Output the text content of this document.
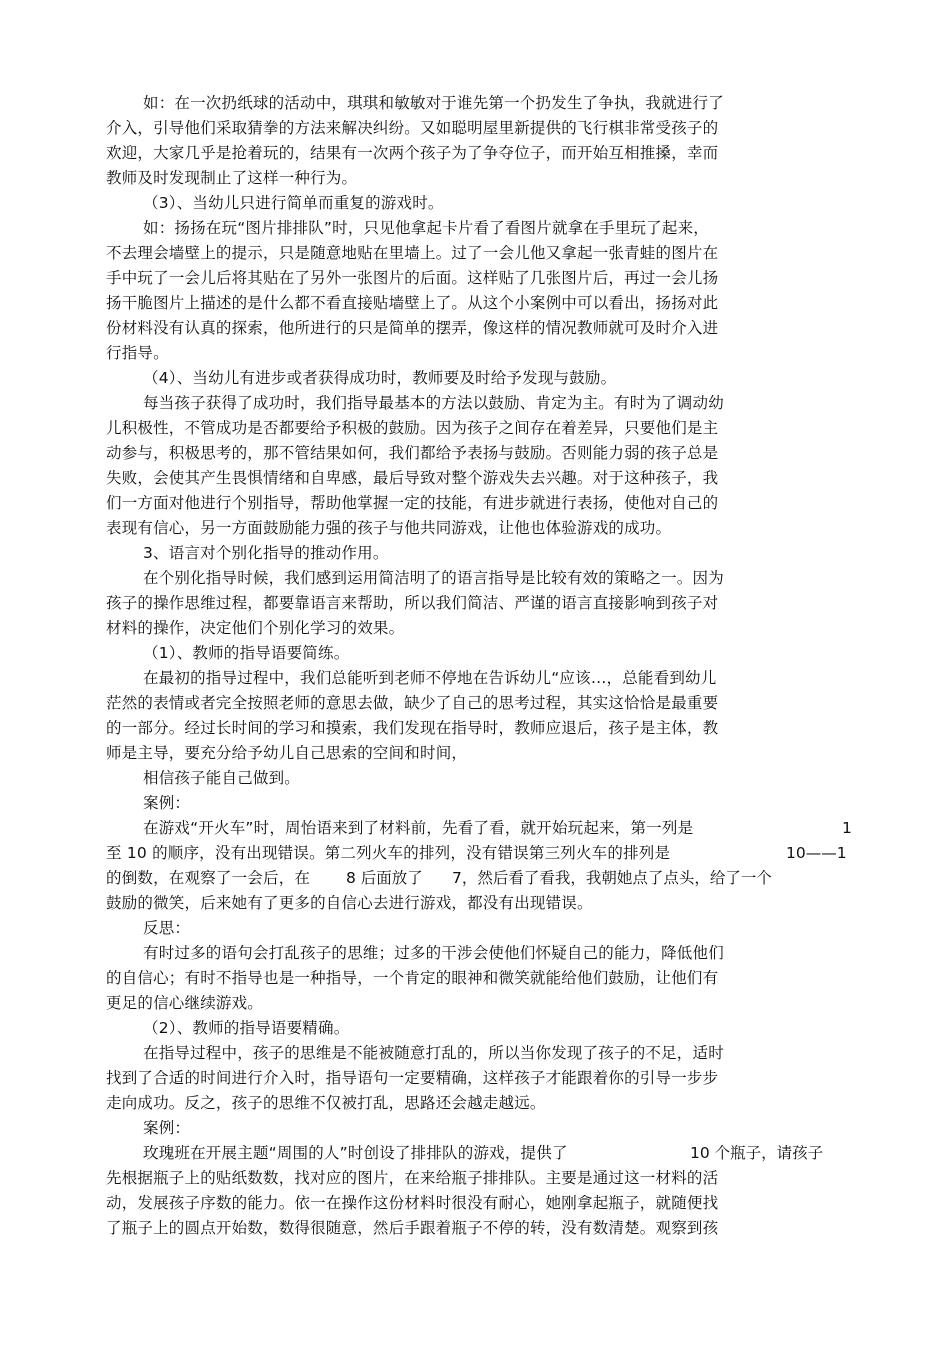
如：在一次扔纸球的活动中，琪琪和敏敏对于谁先第一个扔发生了争执，我就进行了
介入，引导他们采取猜拳的方法来解决纠纷。又如聪明屋里新提供的飞行棋非常受孩子的
欢迎，大家几乎是抢着玩的，结果有一次两个孩子为了争夺位子，而开始互相推搡，幸而
教师及时发现制止了这样一种行为。
（3）、当幼儿只进行简单而重复的游戏时。
如：扬扬在玩“图片排排队”时，只见他拿起卡片看了看图片就拿在手里玩了起来，
不去理会墙壁上的提示，只是随意地贴在里墙上。过了一会儿他又拿起一张青蛙的图片在
手中玩了一会儿后将其贴在了另外一张图片的后面。这样贴了几张图片后，再过一会儿扬
扬干脆图片上描述的是什么都不看直接贴墙壁上了。从这个小案例中可以看出，扬扬对此
份材料没有认真的探索，他所进行的只是简单的摆弄，像这样的情况教师就可及时介入进
行指导。
（4）、当幼儿有进步或者获得成功时，教师要及时给予发现与鼓励。
每当孩子获得了成功时，我们指导最基本的方法以鼓励、肯定为主。有时为了调动幼
儿积极性，不管成功是否都要给予积极的鼓励。因为孩子之间存在着差异，只要他们是主
动参与，积极思考的，那不管结果如何，我们都给予表扬与鼓励。否则能力弱的孩子总是
失败，会使其产生畏惧情绪和自卑感，最后导致对整个游戏失去兴趣。对于这种孩子，我
们一方面对他进行个别指导，帮助他掌握一定的技能，有进步就进行表扬，使他对自己的
表现有信心，另一方面鼓励能力强的孩子与他共同游戏，让他也体验游戏的成功。
3、语言对个别化指导的推动作用。
在个别化指导时候，我们感到运用简洁明了的语言指导是比较有效的策略之一。因为
孩子的操作思维过程，都要靠语言来帮助，所以我们简洁、严谨的语言直接影响到孩子对
材料的操作，决定他们个别化学习的效果。
（1）、教师的指导语要简练。
在最初的指导过程中，我们总能听到老师不停地在告诉幼儿“应该…，总能看到幼儿
茫然的表情或者完全按照老师的意思去做，缺少了自己的思考过程，其实这恰恰是最重要
的一部分。经过长时间的学习和摸索，我们发现在指导时，教师应退后，孩子是主体，教
师是主导，要充分给予幼儿自己思索的空间和时间，
相信孩子能自己做到。
案例：
在游戏“开火车”时，周怡语来到了材料前，先看了看，就开始玩起来，第一列是	1
至 10 的顺序，没有出现错误。第二列火车的排列，没有错误第三列火车的排列是	10——1
的倒数，在观察了一会后，在 8 后面放了 7，然后看了看我，我朝她点了点头，给了一个
鼓励的微笑，后来她有了更多的自信心去进行游戏，都没有出现错误。
反思：
有时过多的语句会打乱孩子的思维；过多的干涉会使他们怀疑自己的能力，降低他们
的自信心；有时不指导也是一种指导，一个肯定的眼神和微笑就能给他们鼓励，让他们有
更足的信心继续游戏。
（2）、教师的指导语要精确。
在指导过程中，孩子的思维是不能被随意打乱的，所以当你发现了孩子的不足，适时
找到了合适的时间进行介入时，指导语句一定要精确，这样孩子才能跟着你的引导一步步
走向成功。反之，孩子的思维不仅被打乱，思路还会越走越远。
案例：
玫瑰班在开展主题“周围的人”时创设了排排队的游戏，提供了	10 个瓶子，请孩子
先根据瓶子上的贴纸数数，找对应的图片，在来给瓶子排排队。主要是通过这一材料的活
动，发展孩子序数的能力。依一在操作这份材料时很没有耐心，她刚拿起瓶子，就随便找
了瓶子上的圆点开始数，数得很随意，然后手跟着瓶子不停的转，没有数清楚。观察到孩
